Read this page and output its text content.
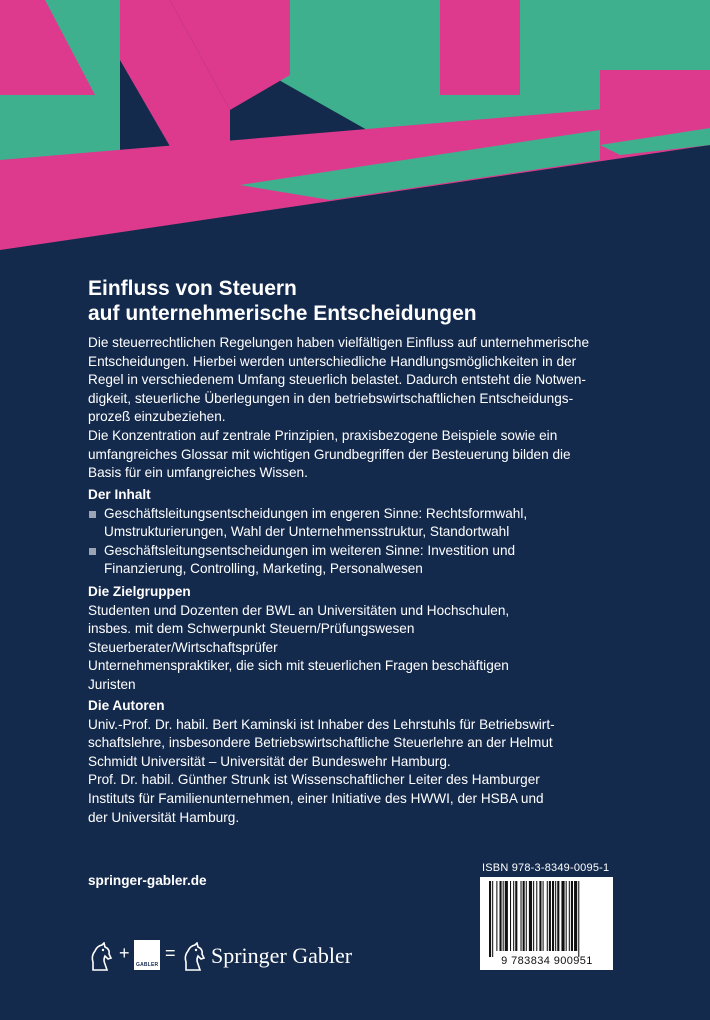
Einfluss von Steuern
auf unternehmerische Entscheidungen

Die steuerrechtlichen Regelungen haben vielfältigen Einfluss auf unternehmerische

Entscheidungen. Hierbei werden unterschiedliche Handlungsmöglichkeiten in der

Regel in verschiedenem Umfang steuerlich belastet. Dadurch entsteht die Notwen-

digkeit, steuerliche Überlegungen in den betriebswirtschaftlichen Entscheidungs-

prozeß einzubeziehen.

Die Konzentration auf zentrale Prinzipien, praxisbezogene Beispiele sowie ein

umfangreiches Glossar mit wichtigen Grundbegriffen der Besteuerung bilden die

Basis für ein umfangreiches Wissen.

Der Inhalt

Geschäftsleitungsentscheidungen im engeren Sinne: Rechtsformwahl,

Umstrukturierungen, Wahl der Unternehmensstruktur, Standortwahl

Geschäftsleitungsentscheidungen im weiteren Sinne: Investition und

Finanzierung, Controlling, Marketing, Personalwesen

Die Zielgruppen

Studenten und Dozenten der BWL an Universitäten und Hochschulen,

insbes. mit dem Schwerpunkt Steuern/Prüfungswesen

Steuerberater/Wirtschaftsprüfer

Unternehmenspraktiker, die sich mit steuerlichen Fragen beschäftigen

Juristen

Die Autoren

Univ.-Prof. Dr. habil. Bert Kaminski ist Inhaber des Lehrstuhls für Betriebswirt-

schaftslehre, insbesondere Betriebswirtschaftliche Steuerlehre an der Helmut

Schmidt Universität – Universität der Bundeswehr Hamburg.

Prof. Dr. habil. Günther Strunk ist Wissenschaftlicher Leiter des Hamburger

Instituts für Familienunternehmen, einer Initiative des HWWI, der HSBA und

der Universität Hamburg.

springer-gabler.de
ISBN 978-3-8349-0095-1
9 783834 900951
+
GABLER
= Springer Gabler
